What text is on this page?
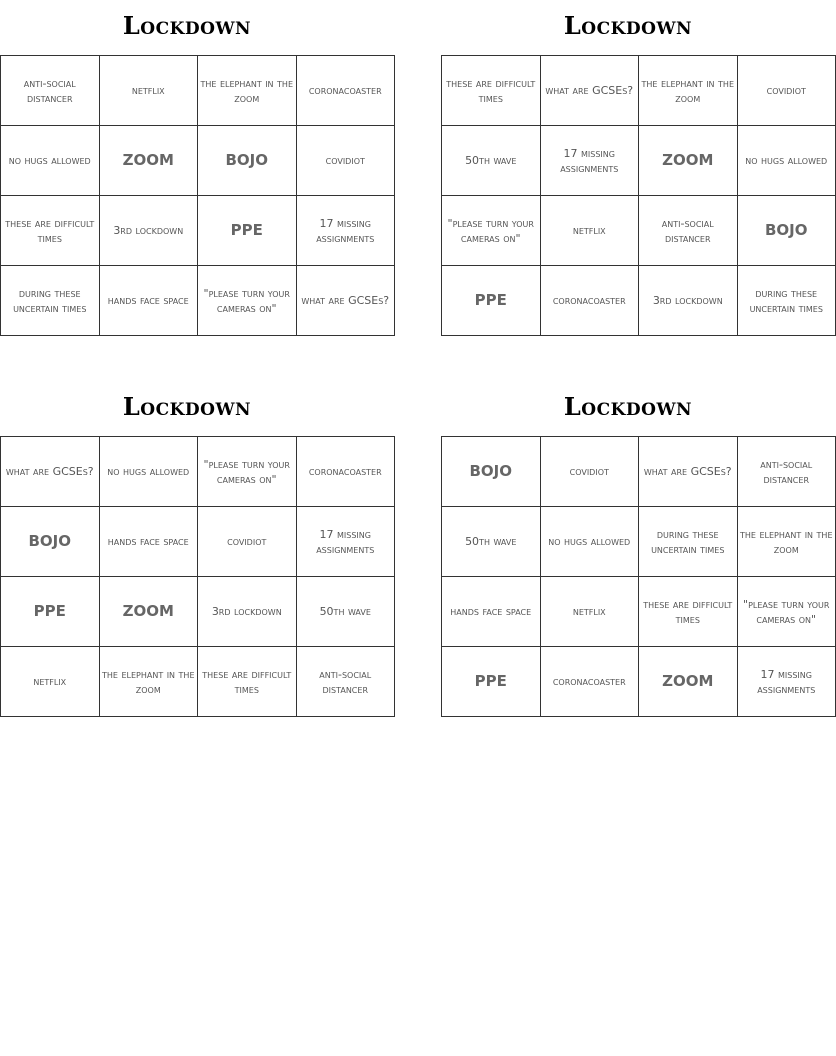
Lockdown
anti-social distancer	netflix	the elephant in the zoom	coronacoaster
no hugs allowed	ZOOM	BOJO	covidiot
these are difficult times	3rd lockdown	PPE	17 missing assignments
during these uncertain times	hands face space	"please turn your cameras on"	what are GCSEs?
Lockdown
these are difficult times	what are GCSEs?	the elephant in the zoom	covidiot
50th wave	17 missing assignments	ZOOM	no hugs allowed
"please turn your cameras on"	netflix	anti-social distancer	BOJO
PPE	coronacoaster	3rd lockdown	during these uncertain times
Lockdown
what are GCSEs?	no hugs allowed	"please turn your cameras on"	coronacoaster
BOJO	hands face space	covidiot	17 missing assignments
PPE	ZOOM	3rd lockdown	50th wave
netflix	the elephant in the zoom	these are difficult times	anti-social distancer
Lockdown
BOJO	covidiot	what are GCSEs?	anti-social distancer
50th wave	no hugs allowed	during these uncertain times	the elephant in the zoom
hands face space	netflix	these are difficult times	"please turn your cameras on"
PPE	coronacoaster	ZOOM	17 missing assignments
